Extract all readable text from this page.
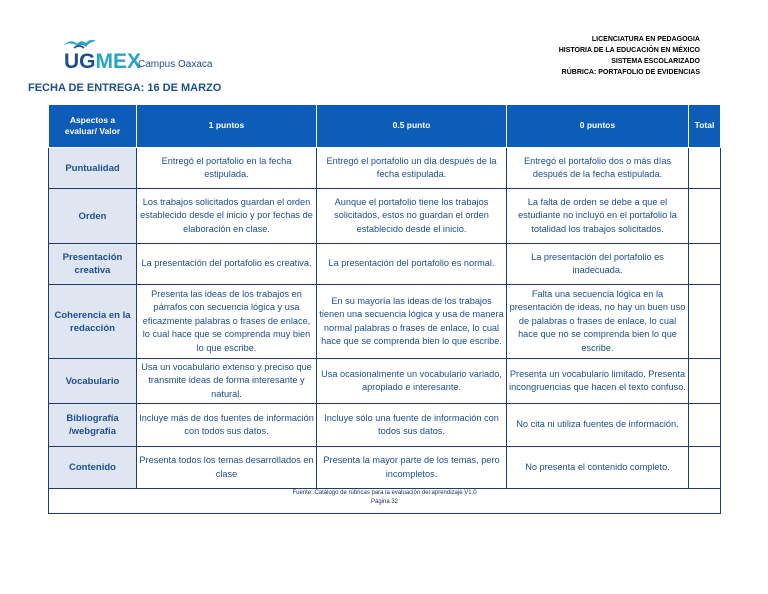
UGMEX
Campus Oaxaca
LICENCIATURA EN PEDAGOGIA
HISTORIA DE LA EDUCACIÓN EN MÉXICO
SISTEMA ESCOLARIZADO
RÚBRICA: PORTAFOLIO DE EVIDENCIAS
FECHA DE ENTREGA: 16 DE MARZO
Aspectos a evaluar/ Valor	1 puntos	0.5 punto	0 puntos	Total
Puntualidad	Entregó el portafolio en la fecha estipulada.	Entregó el portafolio un día después de la fecha estipulada.	Entregó el portafolio dos o más días después de la fecha estipulada.	
Orden	Los trabajos solicitados guardan el orden establecido desde el inicio y por fechas de elaboración en clase.	Aunque el portafolio tiene los trabajos solicitados, estos no guardan el orden establecido desde el inicio.	La falta de orden se debe a que el estudiante no incluyó en el portafolio la totalidad los trabajos solicitados.	
Presentación creativa	La presentación del portafolio es creativa.	La presentación del portafolio es normal.	La presentación del portafolio es inadecuada.	
Coherencia en la redacción	Presenta las ideas de los trabajos en párrafos con secuencia lógica y usa eficazmente palabras o frases de enlace, lo cual hace que se comprenda muy bien lo que escribe.	En su mayoría las ideas de los trabajos tienen una secuencia lógica y usa de manera normal palabras o frases de enlace, lo cual hace que se comprenda bien lo que escribe.	Falta una secuencia lógica en la presentación de ideas, no hay un buen uso de palabras o frases de enlace, lo cual hace que no se comprenda bien lo que escribe.	
Vocabulario	Usa un vocabulario extenso y preciso que transmite ideas de forma interesante y natural.	Usa ocasionalmente un vocabulario variado, apropiado e interesante.	Presenta un vocabulario limitado. Presenta incongruencias que hacen el texto confuso.	
Bibliografía /webgrafía	Incluye más de dos fuentes de información con todos sus datos.	Incluye sólo una fuente de información con todos sus datos.	No cita ni utiliza fuentes de información.	
Contenido	Presenta todos los temas desarrollados en clase	Presenta la mayor parte de los temas, pero incompletos.	No presenta el contenido completo.	

Fuente: Catálogo de rúbricas para la evaluación del aprendizaje V1.0
Página 32				
